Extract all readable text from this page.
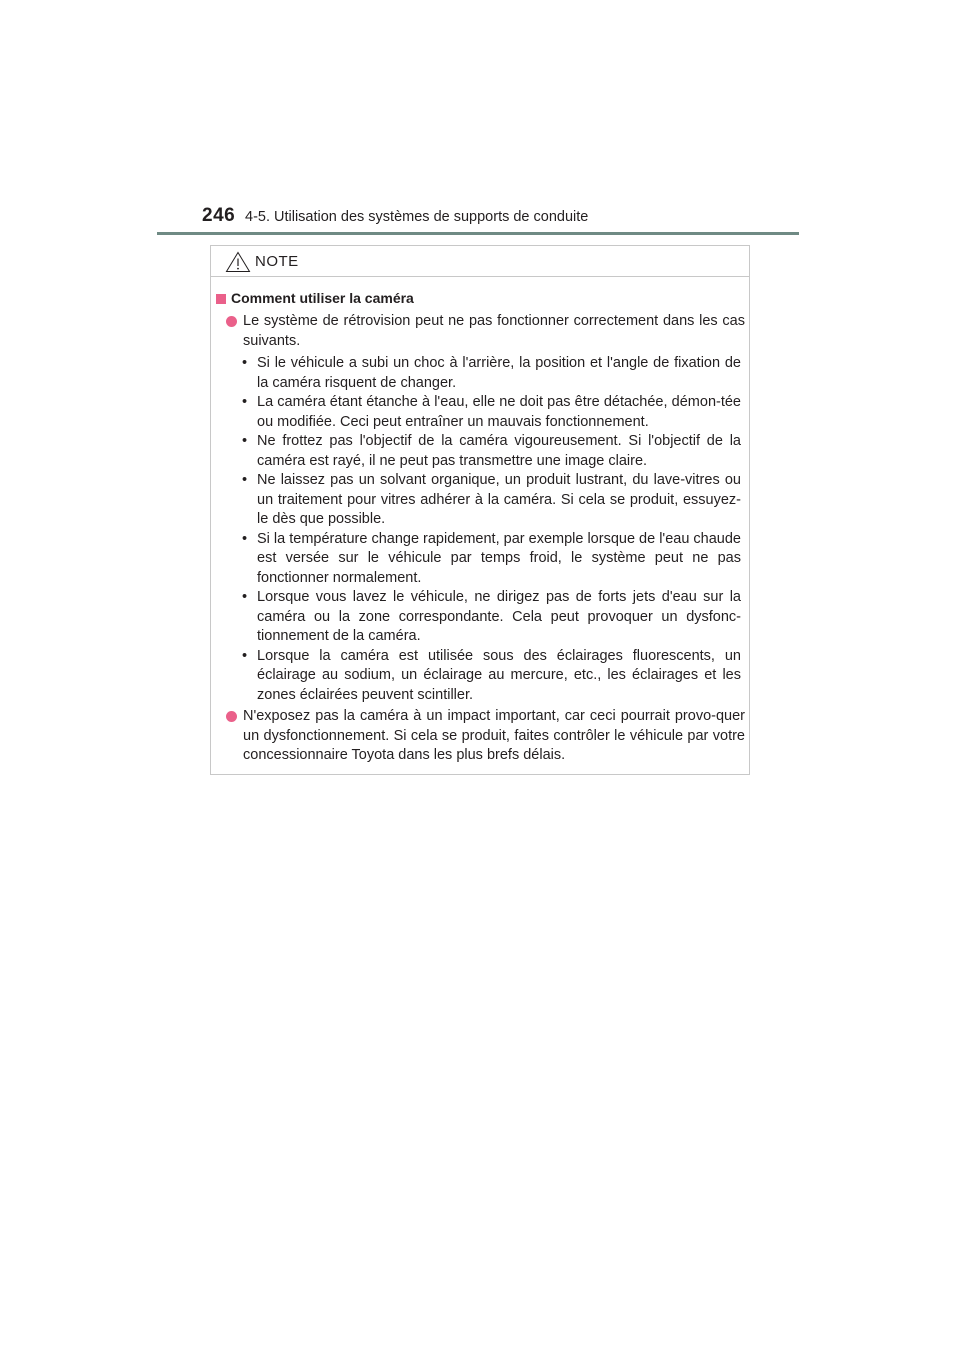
246 4-5. Utilisation des systèmes de supports de conduite
NOTE
Comment utiliser la caméra
Le système de rétrovision peut ne pas fonctionner correctement dans les cas suivants.
• Si le véhicule a subi un choc à l'arrière, la position et l'angle de fixation de la caméra risquent de changer.
• La caméra étant étanche à l'eau, elle ne doit pas être détachée, démon-tée ou modifiée. Ceci peut entraîner un mauvais fonctionnement.
• Ne frottez pas l'objectif de la caméra vigoureusement. Si l'objectif de la caméra est rayé, il ne peut pas transmettre une image claire.
• Ne laissez pas un solvant organique, un produit lustrant, du lave-vitres ou un traitement pour vitres adhérer à la caméra. Si cela se produit, essuyez-le dès que possible.
• Si la température change rapidement, par exemple lorsque de l'eau chaude est versée sur le véhicule par temps froid, le système peut ne pas fonctionner normalement.
• Lorsque vous lavez le véhicule, ne dirigez pas de forts jets d'eau sur la caméra ou la zone correspondante. Cela peut provoquer un dysfonc-tionnement de la caméra.
• Lorsque la caméra est utilisée sous des éclairages fluorescents, un éclairage au sodium, un éclairage au mercure, etc., les éclairages et les zones éclairées peuvent scintiller.
N'exposez pas la caméra à un impact important, car ceci pourrait provo-quer un dysfonctionnement. Si cela se produit, faites contrôler le véhicule par votre concessionnaire Toyota dans les plus brefs délais.
